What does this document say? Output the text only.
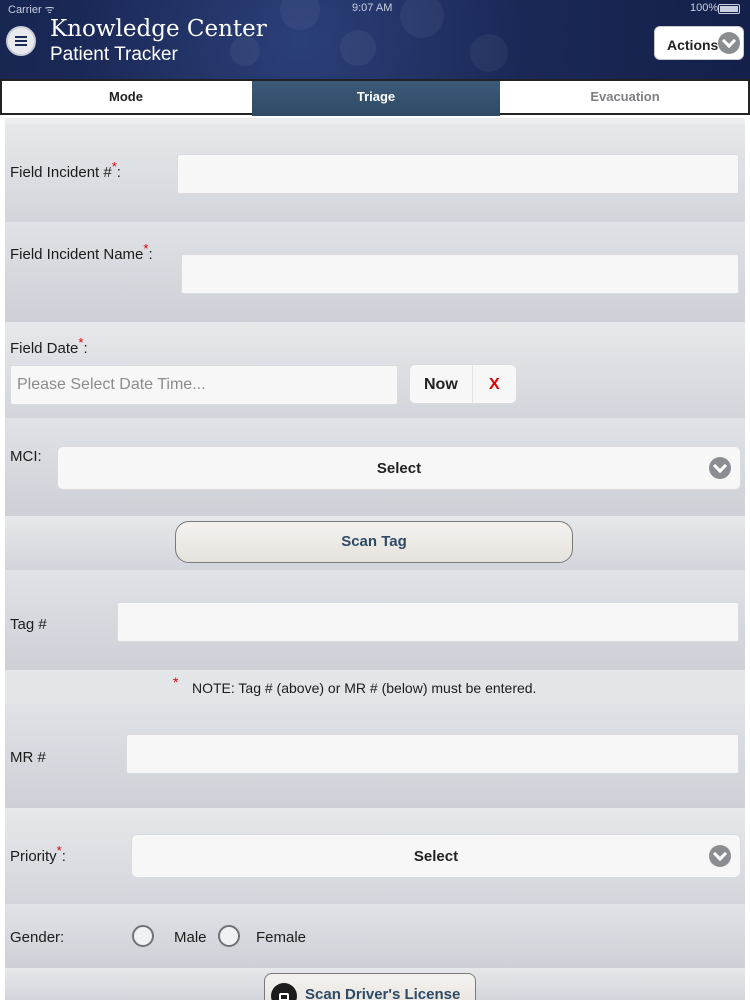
Carrier ᯤ	9:07 AM	100%
Knowledge Center
Patient Tracker	Actions
Mode	Triage	Evacuation
Field Incident #*:
Field Incident Name*:
Field Date*:
Please Select Date Time...
Now X
MCI:
Select
Scan Tag
Tag #
* NOTE: Tag # (above) or MR # (below) must be entered.
MR #
Priority*:	Select
Gender:	Male	Female
Scan Driver's License
